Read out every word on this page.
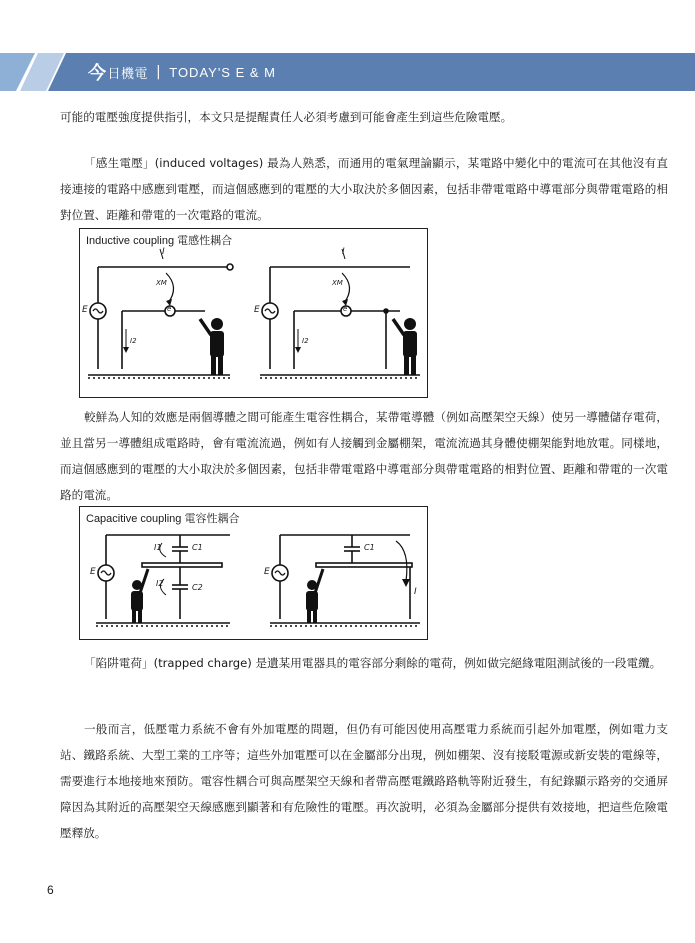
今 日機電 | TODAY'S E & M

可能的電壓強度提供指引，本文只是提醒責任人必須考慮到可能會產生到這些危險電壓。

「感生電壓」(induced voltages) 最為人熟悉，而通用的電氣理論顯示，某電路中變化中的電流可在其他沒有直接連接的電路中感應到電壓，而這個感應到的電壓的大小取決於多個因素，包括非帶電電路中導電部分與帶電電路的相對位置、距離和帶電的一次電路的電流。

Inductive coupling 電感性耦合
I	I
XM	XM
E	E
e	e
I2	I2

較鮮為人知的效應是兩個導體之間可能產生電容性耦合，某帶電導體（例如高壓架空天線）使另一導體儲存電荷，並且當另一導體組成電路時，會有電流流過，例如有人接觸到金屬棚架，電流流過其身體使棚架能對地放電。同樣地，而這個感應到的電壓的大小取決於多個因素，包括非帶電電路中導電部分與帶電電路的相對位置、距離和帶電的一次電路的電流。

Capacitive coupling 電容性耦合
E	E
C1	C1
C2
I1
I2
I

「陷阱電荷」(trapped charge) 是遺某用電器具的電容部分剩餘的電荷，例如做完絕緣電阻測試後的一段電纜。

一般而言，低壓電力系統不會有外加電壓的問題，但仍有可能因使用高壓電力系統而引起外加電壓，例如電力支站、鐵路系統、大型工業的工序等；這些外加電壓可以在金屬部分出現，例如棚架、沒有接駁電源或新安裝的電線等，需要進行本地接地來預防。電容性耦合可與高壓架空天線和者帶高壓電鐵路路軌等附近發生，有紀錄顯示路旁的交通屏障因為其附近的高壓架空天線感應到顯著和有危險性的電壓。再次說明，必須為金屬部分提供有效接地，把這些危險電壓釋放。

6
